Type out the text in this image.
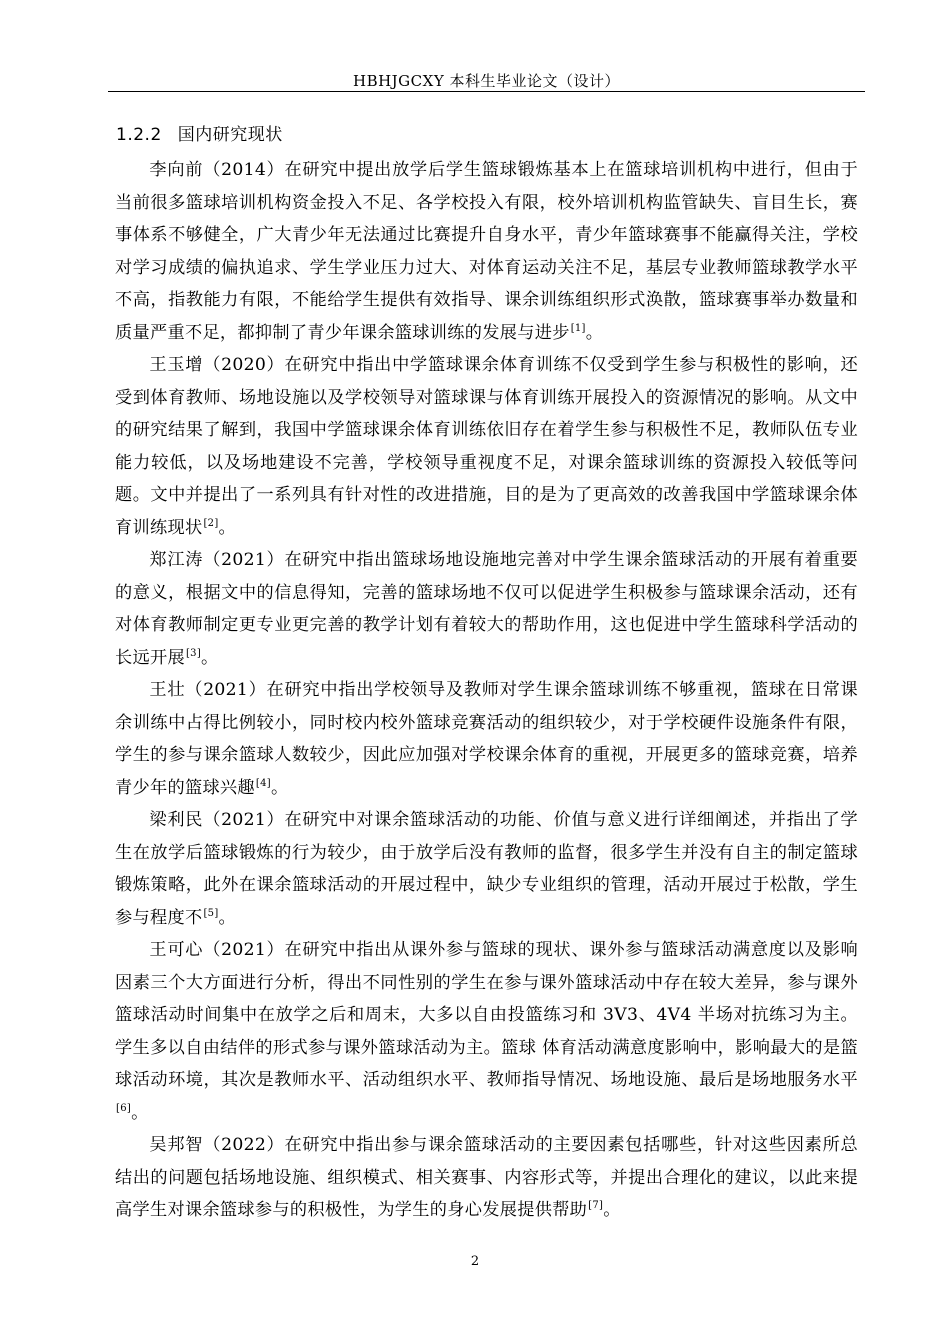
HBHJGCXY 本科生毕业论文（设计）
1.2.2 国内研究现状

李向前（2014）在研究中提出放学后学生篮球锻炼基本上在篮球培训机构中进行，但由于当前很多篮球培训机构资金投入不足、各学校投入有限，校外培训机构监管缺失、盲目生长，赛事体系不够健全，广大青少年无法通过比赛提升自身水平，青少年篮球赛事不能赢得关注，学校对学习成绩的偏执追求、学生学业压力过大、对体育运动关注不足，基层专业教师篮球教学水平不高，指教能力有限，不能给学生提供有效指导、课余训练组织形式涣散，篮球赛事举办数量和质量严重不足，都抑制了青少年课余篮球训练的发展与进步[1]。

王玉增（2020）在研究中指出中学篮球课余体育训练不仅受到学生参与积极性的影响，还受到体育教师、场地设施以及学校领导对篮球课与体育训练开展投入的资源情况的影响。从文中的研究结果了解到，我国中学篮球课余体育训练依旧存在着学生参与积极性不足，教师队伍专业能力较低，以及场地建设不完善，学校领导重视度不足，对课余篮球训练的资源投入较低等问题。文中并提出了一系列具有针对性的改进措施，目的是为了更高效的改善我国中学篮球课余体育训练现状[2]。

郑江涛（2021）在研究中指出篮球场地设施地完善对中学生课余篮球活动的开展有着重要的意义，根据文中的信息得知，完善的篮球场地不仅可以促进学生积极参与篮球课余活动，还有对体育教师制定更专业更完善的教学计划有着较大的帮助作用，这也促进中学生篮球科学活动的长远开展[3]。

王壮（2021）在研究中指出学校领导及教师对学生课余篮球训练不够重视，篮球在日常课余训练中占得比例较小，同时校内校外篮球竞赛活动的组织较少，对于学校硬件设施条件有限，学生的参与课余篮球人数较少，因此应加强对学校课余体育的重视，开展更多的篮球竞赛，培养青少年的篮球兴趣[4]。

梁利民（2021）在研究中对课余篮球活动的功能、价值与意义进行详细阐述，并指出了学生在放学后篮球锻炼的行为较少，由于放学后没有教师的监督，很多学生并没有自主的制定篮球锻炼策略，此外在课余篮球活动的开展过程中，缺少专业组织的管理，活动开展过于松散，学生参与程度不[5]。

王可心（2021）在研究中指出从课外参与篮球的现状、课外参与篮球活动满意度以及影响因素三个大方面进行分析，得出不同性别的学生在参与课外篮球活动中存在较大差异，参与课外篮球活动时间集中在放学之后和周末，大多以自由投篮练习和 3V3、4V4 半场对抗练习为主。学生多以自由结伴的形式参与课外篮球活动为主。篮球 体育活动满意度影响中，影响最大的是篮球活动环境，其次是教师水平、活动组织水平、教师指导情况、场地设施、最后是场地服务水平[6]。

吴邦智（2022）在研究中指出参与课余篮球活动的主要因素包括哪些，针对这些因素所总结出的问题包括场地设施、组织模式、相关赛事、内容形式等，并提出合理化的建议，以此来提高学生对课余篮球参与的积极性，为学生的身心发展提供帮助[7]。

2
